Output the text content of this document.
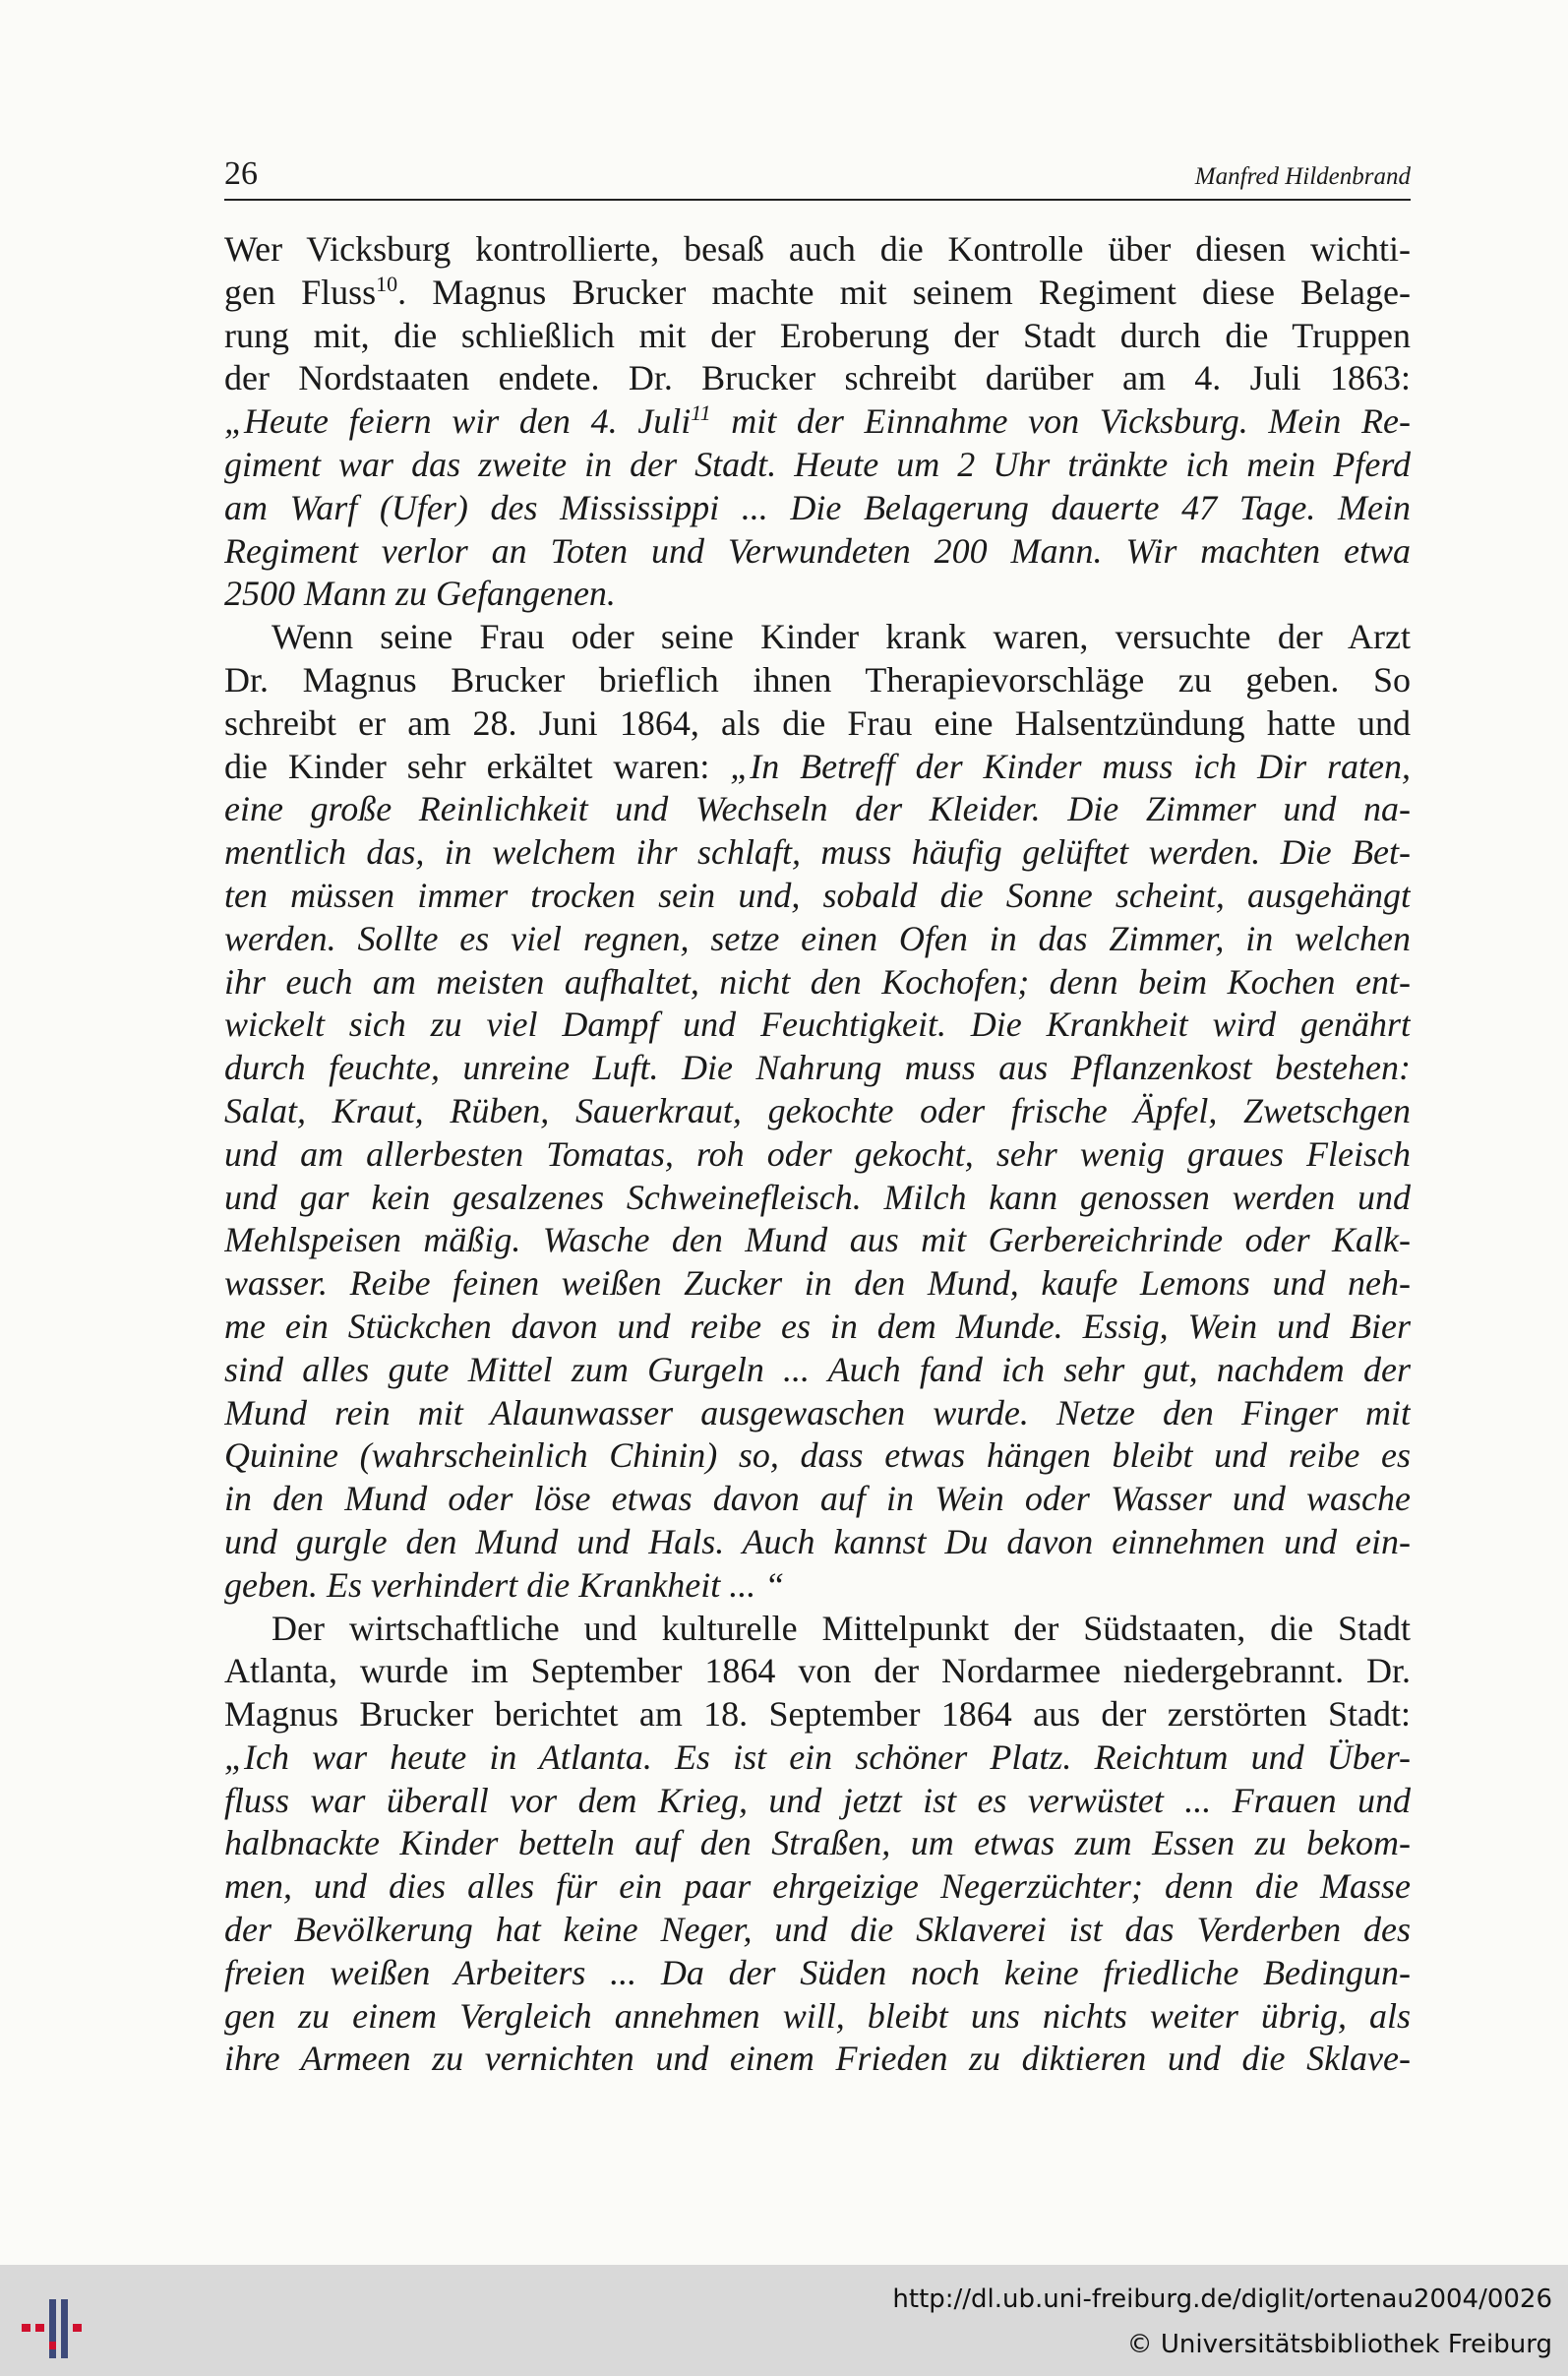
26	Manfred Hildenbrand
Wer Vicksburg kontrollierte, besaß auch die Kontrolle über diesen wichti-
gen Fluss$^{10}$. Magnus Brucker machte mit seinem Regiment diese Belage-
rung mit, die schließlich mit der Eroberung der Stadt durch die Truppen
der Nordstaaten endete. Dr. Brucker schreibt darüber am 4. Juli 1863:
„Heute feiern wir den 4. Juli$^{11}$ mit der Einnahme von Vicksburg. Mein Re-
giment war das zweite in der Stadt. Heute um 2 Uhr tränkte ich mein Pferd
am Warf (Ufer) des Mississippi ... Die Belagerung dauerte 47 Tage. Mein
Regiment verlor an Toten und Verwundeten 200 Mann. Wir machten etwa
2500 Mann zu Gefangenen.
Wenn seine Frau oder seine Kinder krank waren, versuchte der Arzt
Dr. Magnus Brucker brieflich ihnen Therapievorschläge zu geben. So
schreibt er am 28. Juni 1864, als die Frau eine Halsentzündung hatte und
die Kinder sehr erkältet waren: „In Betreff der Kinder muss ich Dir raten,
eine große Reinlichkeit und Wechseln der Kleider. Die Zimmer und na-
mentlich das, in welchem ihr schlaft, muss häufig gelüftet werden. Die Bet-
ten müssen immer trocken sein und, sobald die Sonne scheint, ausgehängt
werden. Sollte es viel regnen, setze einen Ofen in das Zimmer, in welchen
ihr euch am meisten aufhaltet, nicht den Kochofen; denn beim Kochen ent-
wickelt sich zu viel Dampf und Feuchtigkeit. Die Krankheit wird genährt
durch feuchte, unreine Luft. Die Nahrung muss aus Pflanzenkost bestehen:
Salat, Kraut, Rüben, Sauerkraut, gekochte oder frische Äpfel, Zwetschgen
und am allerbesten Tomatas, roh oder gekocht, sehr wenig graues Fleisch
und gar kein gesalzenes Schweinefleisch. Milch kann genossen werden und
Mehlspeisen mäßig. Wasche den Mund aus mit Gerbereichrinde oder Kalk-
wasser. Reibe feinen weißen Zucker in den Mund, kaufe Lemons und neh-
me ein Stückchen davon und reibe es in dem Munde. Essig, Wein und Bier
sind alles gute Mittel zum Gurgeln ... Auch fand ich sehr gut, nachdem der
Mund rein mit Alaunwasser ausgewaschen wurde. Netze den Finger mit
Quinine (wahrscheinlich Chinin) so, dass etwas hängen bleibt und reibe es
in den Mund oder löse etwas davon auf in Wein oder Wasser und wasche
und gurgle den Mund und Hals. Auch kannst Du davon einnehmen und ein-
geben. Es verhindert die Krankheit ... “
Der wirtschaftliche und kulturelle Mittelpunkt der Südstaaten, die Stadt
Atlanta, wurde im September 1864 von der Nordarmee niedergebrannt. Dr.
Magnus Brucker berichtet am 18. September 1864 aus der zerstörten Stadt:
„Ich war heute in Atlanta. Es ist ein schöner Platz. Reichtum und Über-
fluss war überall vor dem Krieg, und jetzt ist es verwüstet ... Frauen und
halbnackte Kinder betteln auf den Straßen, um etwas zum Essen zu bekom-
men, und dies alles für ein paar ehrgeizige Negerzüchter; denn die Masse
der Bevölkerung hat keine Neger, und die Sklaverei ist das Verderben des
freien weißen Arbeiters ... Da der Süden noch keine friedliche Bedingun-
gen zu einem Vergleich annehmen will, bleibt uns nichts weiter übrig, als
ihre Armeen zu vernichten und einem Frieden zu diktieren und die Sklave-
http://dl.ub.uni-freiburg.de/diglit/ortenau2004/0026
© Universitätsbibliothek Freiburg
